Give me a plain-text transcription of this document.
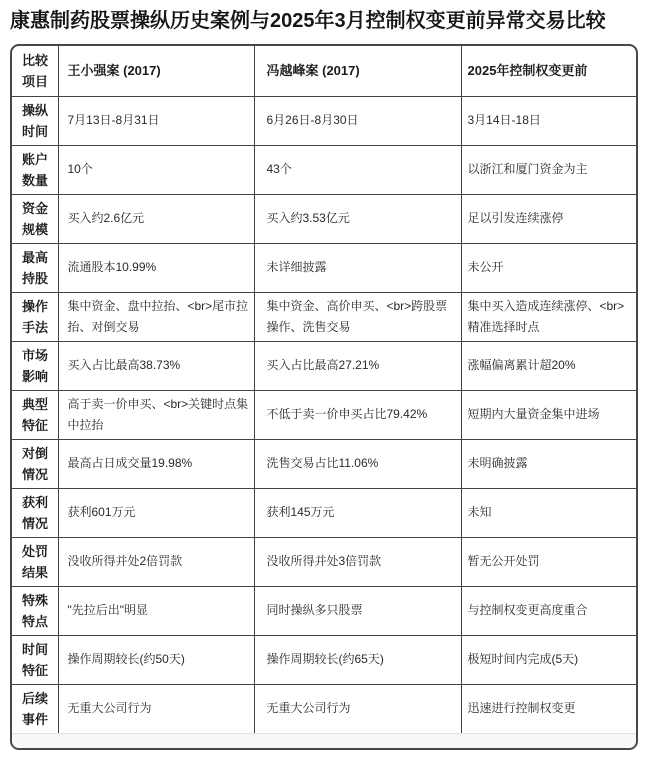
康惠制药股票操纵历史案例与2025年3月控制权变更前异常交易比较
比较项目	王小强案 (2017)	冯越峰案 (2017)	2025年控制权变更前
操纵时间	7月13日-8月31日	6月26日-8月30日	3月14日-18日
账户数量	10个	43个	以浙江和厦门资金为主
资金规模	买入约2.6亿元	买入约3.53亿元	足以引发连续涨停
最高持股	流通股本10.99%	未详细披露	未公开
操作手法	集中资金、盘中拉抬、<br>尾市拉抬、对倒交易	集中资金、高价申买、<br>跨股票操作、洗售交易	集中买入造成连续涨停、<br>精准选择时点
市场影响	买入占比最高38.73%	买入占比最高27.21%	涨幅偏离累计超20%
典型特征	高于卖一价申买、<br>关键时点集中拉抬	不低于卖一价申买占比79.42%	短期内大量资金集中进场
对倒情况	最高占日成交量19.98%	洗售交易占比11.06%	未明确披露
获利情况	获利601万元	获利145万元	未知
处罚结果	没收所得并处2倍罚款	没收所得并处3倍罚款	暂无公开处罚
特殊特点	"先拉后出"明显	同时操纵多只股票	与控制权变更高度重合
时间特征	操作周期较长(约50天)	操作周期较长(约65天)	极短时间内完成(5天)
后续事件	无重大公司行为	无重大公司行为	迅速进行控制权变更
